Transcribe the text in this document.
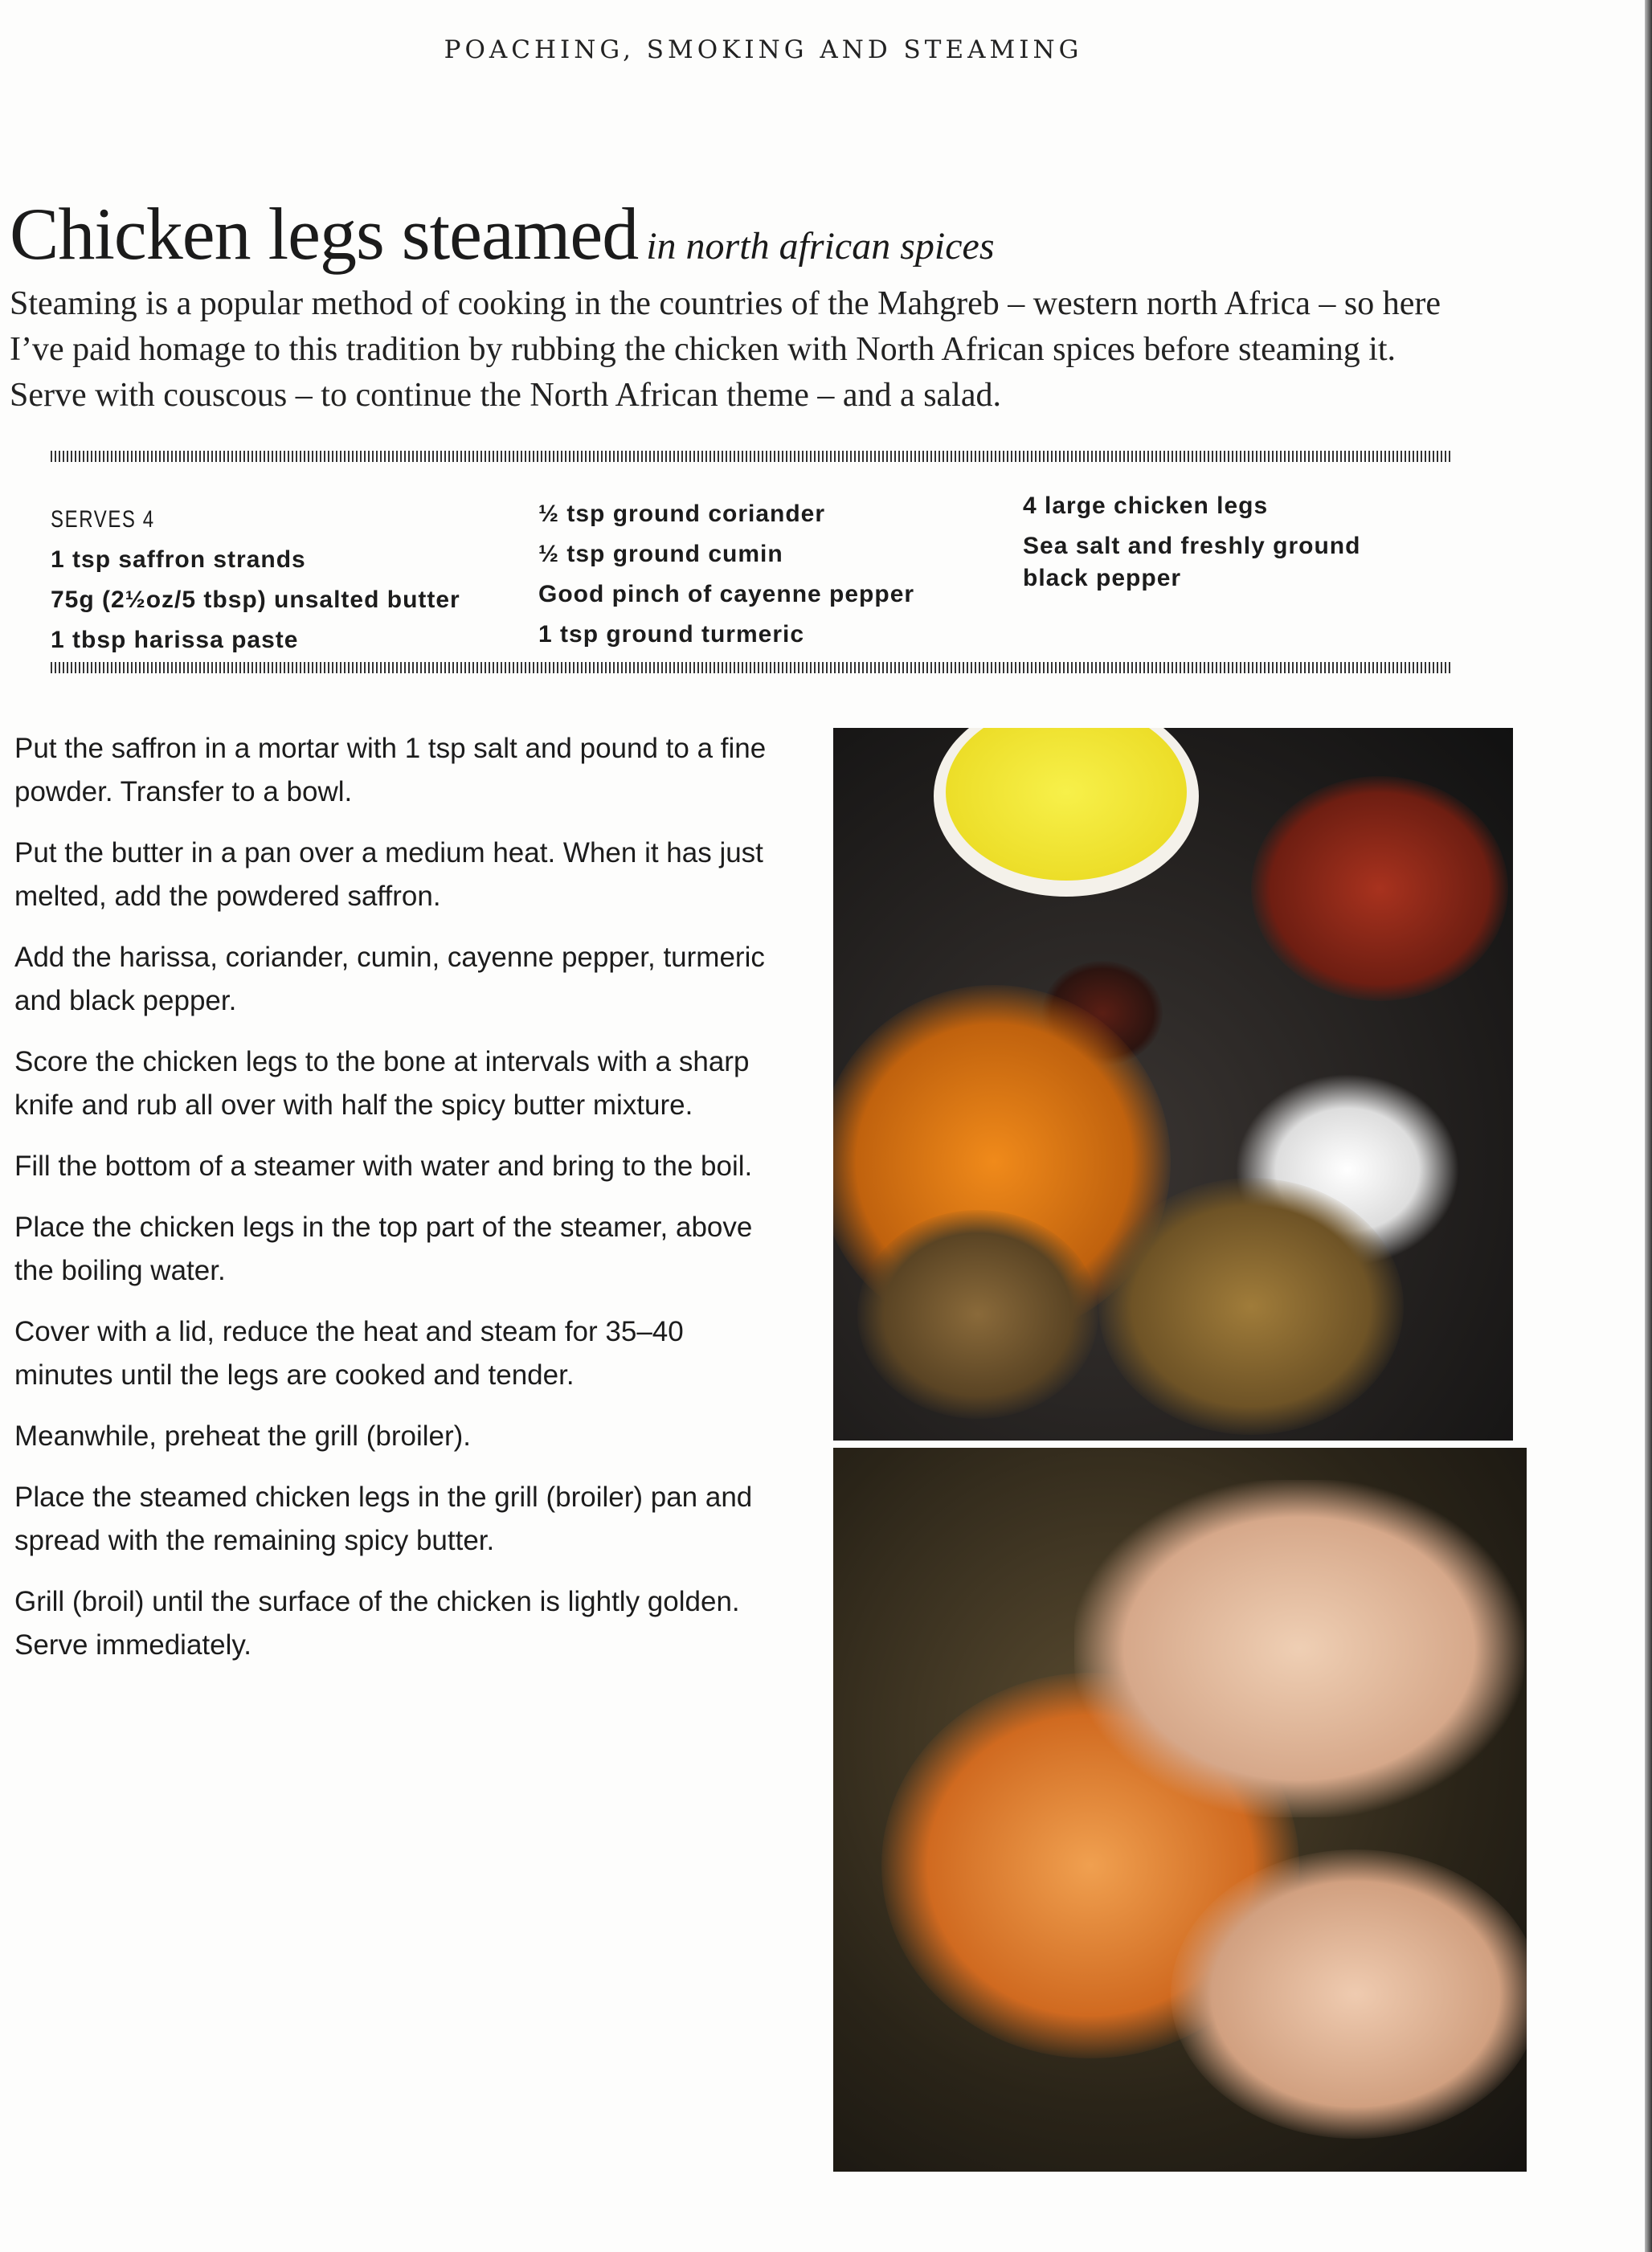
POACHING, SMOKING AND STEAMING
Chicken legs steamed in north african spices
Steaming is a popular method of cooking in the countries of the Mahgreb – western north Africa – so here I’ve paid homage to this tradition by rubbing the chicken with North African spices before steaming it. Serve with couscous – to continue the North African theme – and a salad.
SERVES 4
1 tsp saffron strands
75g (2½oz/5 tbsp) unsalted butter
1 tbsp harissa paste
½ tsp ground coriander
½ tsp ground cumin
Good pinch of cayenne pepper
1 tsp ground turmeric
4 large chicken legs
Sea salt and freshly ground black pepper

Put the saffron in a mortar with 1 tsp salt and pound to a fine powder. Transfer to a bowl.

Put the butter in a pan over a medium heat. When it has just melted, add the powdered saffron.

Add the harissa, coriander, cumin, cayenne pepper, turmeric and black pepper.

Score the chicken legs to the bone at intervals with a sharp knife and rub all over with half the spicy butter mixture.

Fill the bottom of a steamer with water and bring to the boil.

Place the chicken legs in the top part of the steamer, above the boiling water.

Cover with a lid, reduce the heat and steam for 35–40 minutes until the legs are cooked and tender.

Meanwhile, preheat the grill (broiler).

Place the steamed chicken legs in the grill (broiler) pan and spread with the remaining spicy butter.

Grill (broil) until the surface of the chicken is lightly golden. Serve immediately.
